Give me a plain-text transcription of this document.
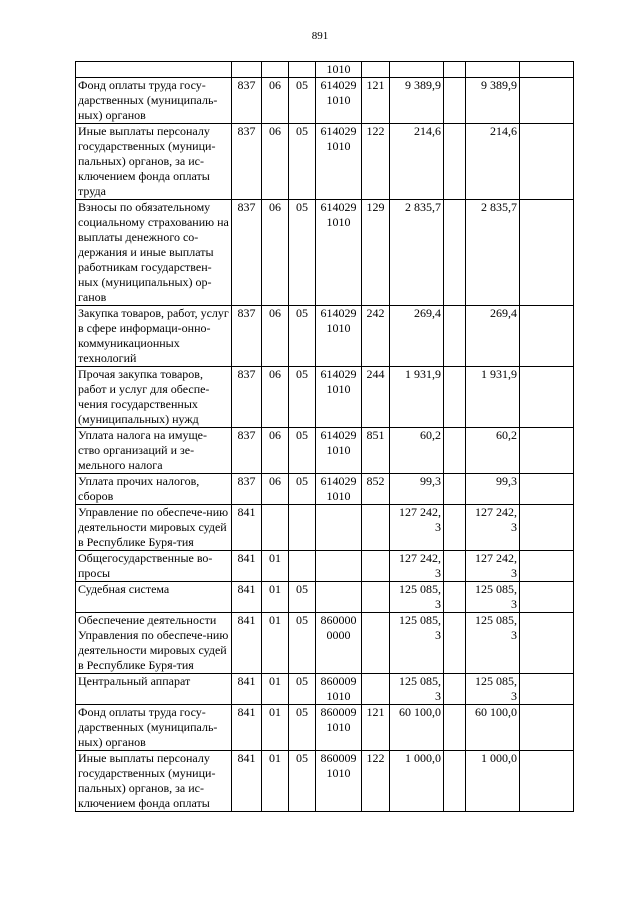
891
				1010					
Фонд оплаты труда госу-дарственных (муниципаль-ных) органов	837	06	05	614029 1010	121	9 389,9		9 389,9	
Иные выплаты персоналу государственных (муници-пальных) органов, за ис-ключением фонда оплаты труда	837	06	05	614029 1010	122	214,6		214,6	
Взносы по обязательному социальному страхованию на выплаты денежного со-держания и иные выплаты работникам государствен-ных (муниципальных) ор-ганов	837	06	05	614029 1010	129	2 835,7		2 835,7	
Закупка товаров, работ, услуг в сфере информаци-онно-коммуникационных технологий	837	06	05	614029 1010	242	269,4		269,4	
Прочая закупка товаров, работ и услуг для обеспе-чения государственных (муниципальных) нужд	837	06	05	614029 1010	244	1 931,9		1 931,9	
Уплата налога на имуще-ство организаций и зе-мельного налога	837	06	05	614029 1010	851	60,2		60,2	
Уплата прочих налогов, сборов	837	06	05	614029 1010	852	99,3		99,3	
Управление по обеспече-нию деятельности мировых судей в Республике Буря-тия	841					127 242, 3		127 242, 3	
Общегосударственные во-просы	841	01				127 242, 3		127 242, 3	
Судебная система	841	01	05			125 085, 3		125 085, 3	
Обеспечение деятельности Управления по обеспече-нию деятельности мировых судей в Республике Буря-тия	841	01	05	860000 0000		125 085, 3		125 085, 3	
Центральный аппарат	841	01	05	860009 1010		125 085, 3		125 085, 3	
Фонд оплаты труда госу-дарственных (муниципаль-ных) органов	841	01	05	860009 1010	121	60 100,0		60 100,0	
Иные выплаты персоналу государственных (муници-пальных) органов, за ис-ключением фонда оплаты	841	01	05	860009 1010	122	1 000,0		1 000,0	
